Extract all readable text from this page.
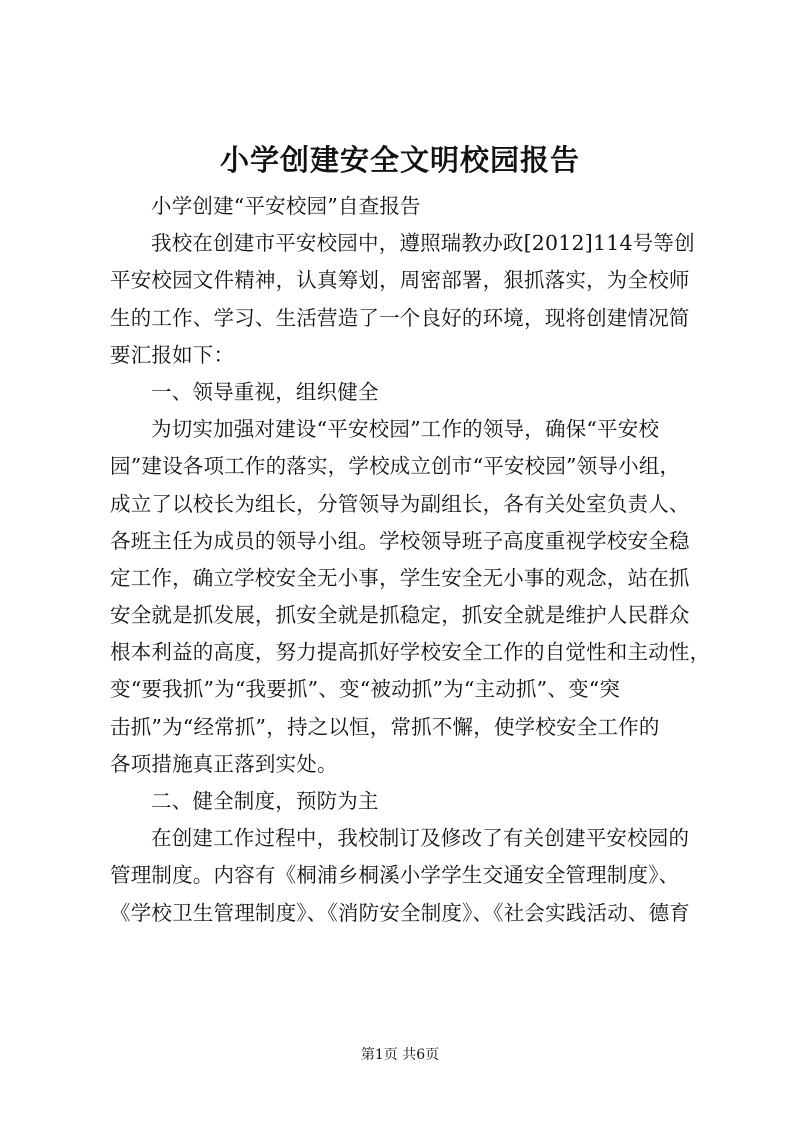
小学创建安全文明校园报告
小学创建“平安校园”自查报告
我校在创建市平安校园中，遵照瑞教办政[2012]114号等创
平安校园文件精神，认真筹划，周密部署，狠抓落实，为全校师
生的工作、学习、生活营造了一个良好的环境，现将创建情况简
要汇报如下：
一、领导重视，组织健全
为切实加强对建设“平安校园”工作的领导，确保“平安校
园”建设各项工作的落实，学校成立创市“平安校园”领导小组，
成立了以校长为组长，分管领导为副组长，各有关处室负责人、
各班主任为成员的领导小组。学校领导班子高度重视学校安全稳
定工作，确立学校安全无小事，学生安全无小事的观念，站在抓
安全就是抓发展，抓安全就是抓稳定，抓安全就是维护人民群众
根本利益的高度，努力提高抓好学校安全工作的自觉性和主动性，
变“要我抓”为“我要抓”、变“被动抓”为“主动抓”、变“突
击抓”为“经常抓”，持之以恒，常抓不懈，使学校安全工作的
各项措施真正落到实处。
二、健全制度，预防为主
在创建工作过程中，我校制订及修改了有关创建平安校园的
管理制度。内容有《桐浦乡桐溪小学学生交通安全管理制度》、
《学校卫生管理制度》、《消防安全制度》、《社会实践活动、德育
第1页 共6页
